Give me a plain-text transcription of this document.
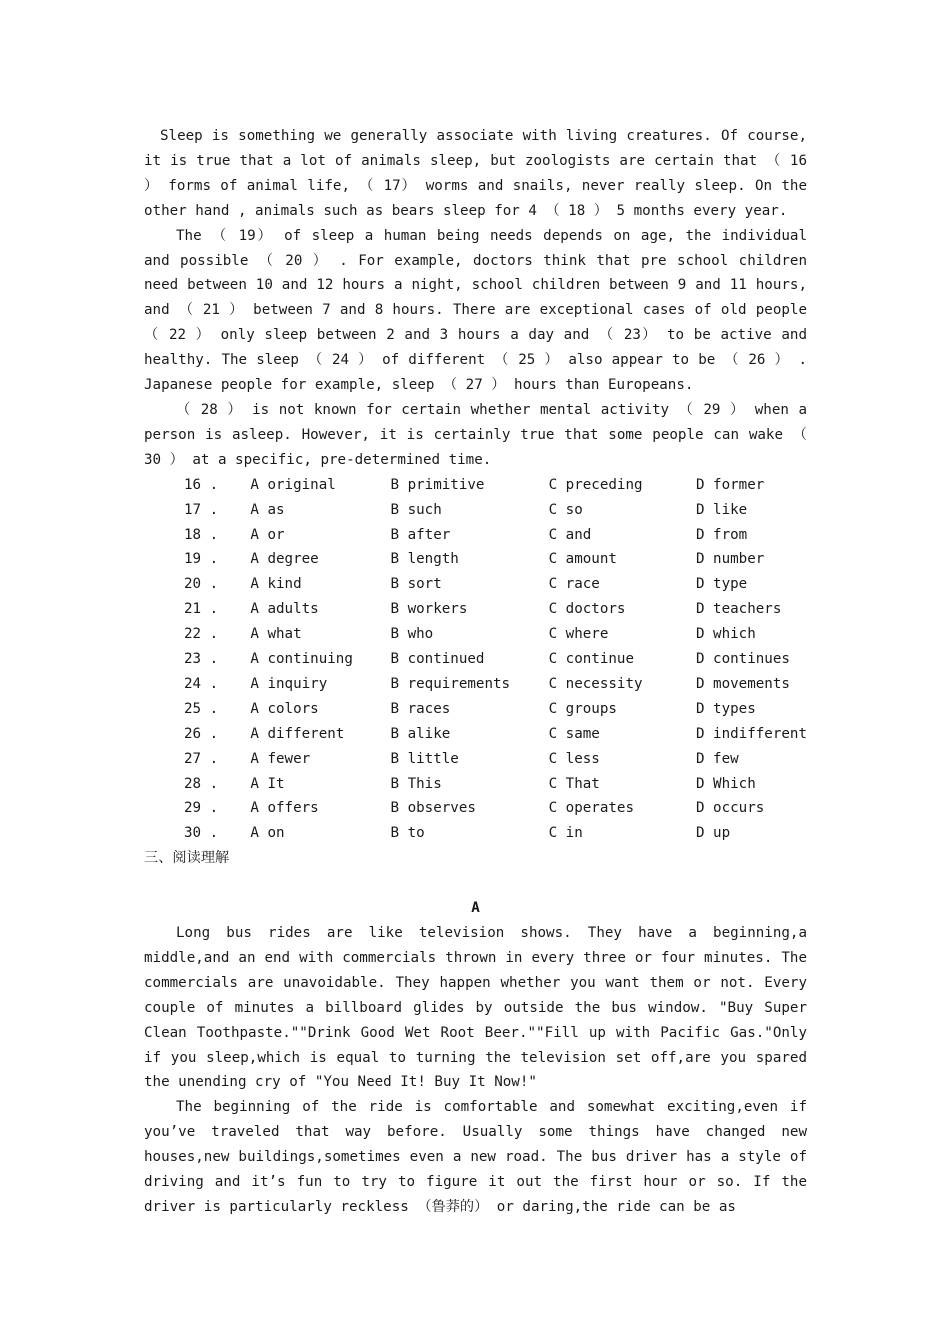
Sleep is something we generally associate with living creatures. Of course, it is true that a lot of animals sleep, but zoologists are certain that （ 16 ） forms of animal life, （ 17） worms and snails, never really sleep. On the other hand , animals such as bears sleep for 4 （ 18 ） 5 months every year.

The （ 19） of sleep a human being needs depends on age, the individual and possible （ 20 ） . For example, doctors think that pre school children need between 10 and 12 hours a night, school children between 9 and 11 hours, and （ 21 ） between 7 and 8 hours. There are exceptional cases of old people （ 22 ） only sleep between 2 and 3 hours a day and （ 23） to be active and healthy. The sleep （ 24 ） of different （ 25 ） also appear to be （ 26 ） . Japanese people for example, sleep （ 27 ） hours than Europeans.

（ 28 ） is not known for certain whether mental activity （ 29 ） when a person is asleep. However, it is certainly true that some people can wake （ 30 ） at a specific, pre-determined time.

16 .	A original	B primitive	C preceding	D former
17 .	A as	B such	C so	D like
18 .	A or	B after	C and	D from
19 .	A degree	B length	C amount	D number
20 .	A kind	B sort	C race	D type
21 .	A adults	B workers	C doctors	D teachers
22 .	A what	B who	C where	D which
23 .	A continuing	B continued	C continue	D continues
24 .	A inquiry	B requirements	C necessity	D movements
25 .	A colors	B races	C groups	D types
26 .	A different	B alike	C same	D indifferent
27 .	A fewer	B little	C less	D few
28 .	A It	B This	C That	D Which
29 .	A offers	B observes	C operates	D occurs
30 .	A on	B to	C in	D up

三、阅读理解

A

Long bus rides are like television shows. They have a beginning,a middle,and an end with commercials thrown in every three or four minutes. The commercials are unavoidable. They happen whether you want them or not. Every couple of minutes a billboard glides by outside the bus window. "Buy Super Clean Toothpaste.""Drink Good Wet Root Beer.""Fill up with Pacific Gas."Only if you sleep,which is equal to turning the television set off,are you spared the unending cry of "You Need It! Buy It Now!"

The beginning of the ride is comfortable and somewhat exciting,even if you’ve traveled that way before. Usually some things have changed new houses,new buildings,sometimes even a new road. The bus driver has a style of driving and it’s fun to try to figure it out the first hour or so. If the driver is particularly reckless （鲁莽的） or daring,the ride can be as
